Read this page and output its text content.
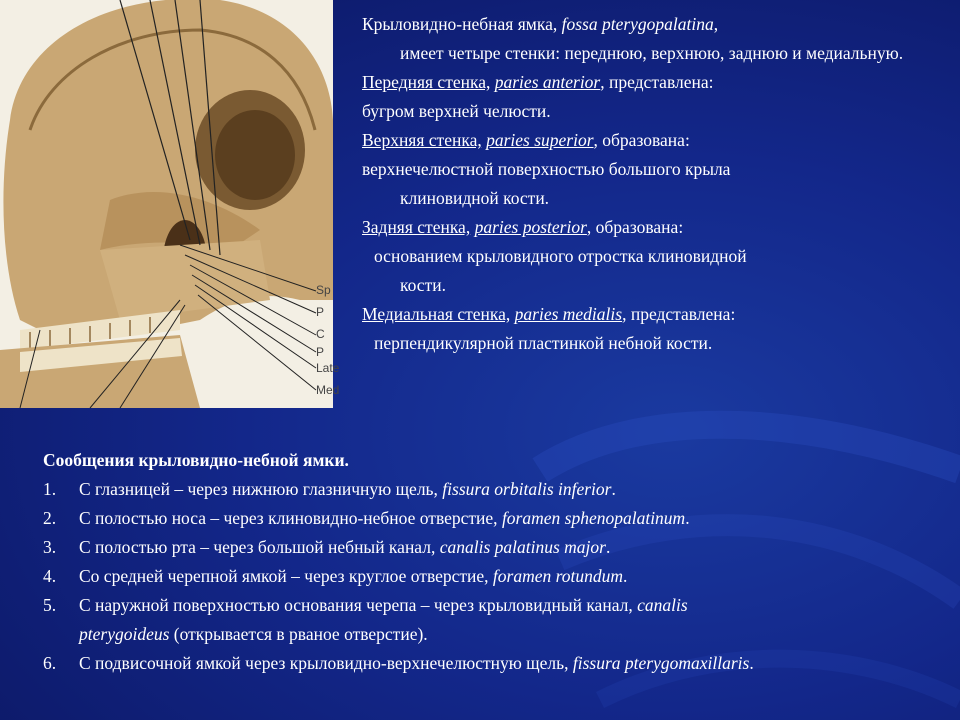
Sp
P
C
P
Late
Med

Крыловидно-небная ямка, fossa pterygopalatina,

имеет четыре стенки: переднюю, верхнюю, заднюю и медиальную.

Передняя стенка, paries anterior, представлена:

бугром верхней челюсти.

Верхняя стенка, paries superior, образована:

верхнечелюстной поверхностью большого крыла

клиновидной кости.

Задняя стенка, paries posterior, образована:

основанием крыловидного отростка клиновидной

кости.

Медиальная стенка, paries medialis, представлена:

перпендикулярной пластинкой небной кости.

Сообщения крыловидно-небной ямки.

1. С глазницей – через нижнюю глазничную щель, fissura orbitalis inferior.

2. С полостью носа – через клиновидно-небное отверстие, foramen sphenopalatinum.

3. С полостью рта – через большой небный канал, canalis palatinus major.

4. Со средней черепной ямкой – через круглое отверстие, foramen rotundum.

5. С наружной поверхностью основания черепа – через крыловидный канал, canalis

pterygoideus (открывается в рваное отверстие).

6. С подвисочной ямкой через крыловидно-верхнечелюстную щель, fissura pterygomaxillaris.
